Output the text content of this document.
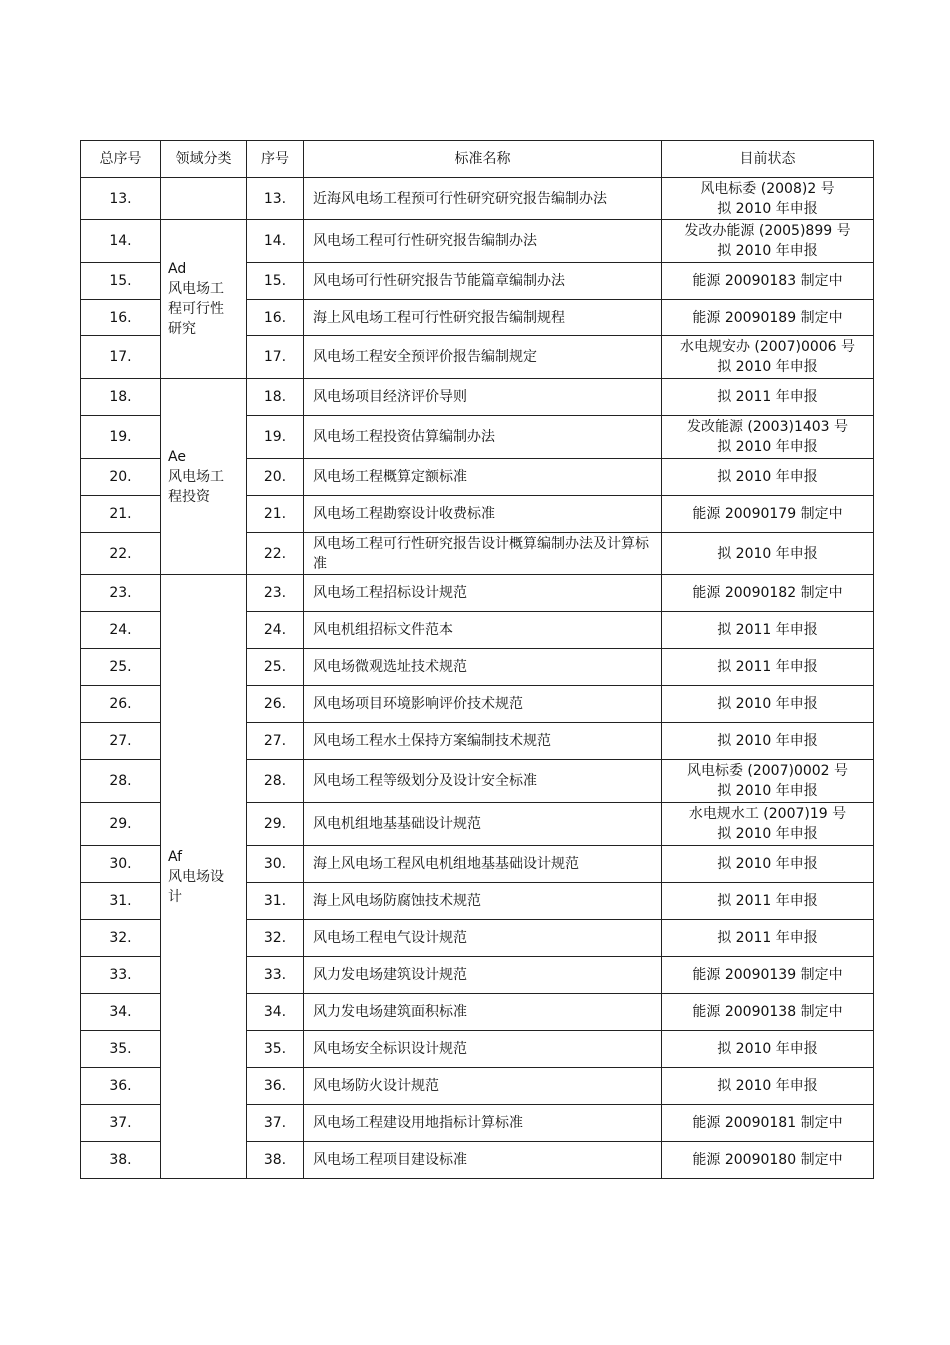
总序号	领域分类	序号	标准名称	目前状态
13.		13.	近海风电场工程预可行性研究研究报告编制办法	风电标委 (2008)2 号
拟 2010 年申报

14.	Ad
风电场工
程可行性
研究	14.	风电场工程可行性研究报告编制办法	发改办能源 (2005)899 号
拟 2010 年申报

15.		15.	风电场可行性研究报告节能篇章编制办法	能源 20090183 制定中

16.		16.	海上风电场工程可行性研究报告编制规程	能源 20090189 制定中

17.		17.	风电场工程安全预评价报告编制规定	水电规安办 (2007)0006 号
拟 2010 年申报

18.	Ae
风电场工
程投资	18.	风电场项目经济评价导则	拟 2011 年申报

19.		19.	风电场工程投资估算编制办法	发改能源 (2003)1403 号
拟 2010 年申报

20.		20.	风电场工程概算定额标准	拟 2010 年申报

21.		21.	风电场工程勘察设计收费标准	能源 20090179 制定中

22.		22.	风电场工程可行性研究报告设计概算编制办法及计算标准	拟 2010 年申报

23.	Af
风电场设
计	23.	风电场工程招标设计规范	能源 20090182 制定中

24.		24.	风电机组招标文件范本	拟 2011 年申报

25.		25.	风电场微观选址技术规范	拟 2011 年申报

26.		26.	风电场项目环境影响评价技术规范	拟 2010 年申报

27.		27.	风电场工程水土保持方案编制技术规范	拟 2010 年申报

28.		28.	风电场工程等级划分及设计安全标准	风电标委 (2007)0002 号
拟 2010 年申报

29.		29.	风电机组地基基础设计规范	水电规水工 (2007)19 号
拟 2010 年申报

30.		30.	海上风电场工程风电机组地基基础设计规范	拟 2010 年申报

31.		31.	海上风电场防腐蚀技术规范	拟 2011 年申报

32.		32.	风电场工程电气设计规范	拟 2011 年申报

33.		33.	风力发电场建筑设计规范	能源 20090139 制定中

34.		34.	风力发电场建筑面积标准	能源 20090138 制定中

35.		35.	风电场安全标识设计规范	拟 2010 年申报

36.		36.	风电场防火设计规范	拟 2010 年申报

37.		37.	风电场工程建设用地指标计算标准	能源 20090181 制定中

38.		38.	风电场工程项目建设标准	能源 20090180 制定中
